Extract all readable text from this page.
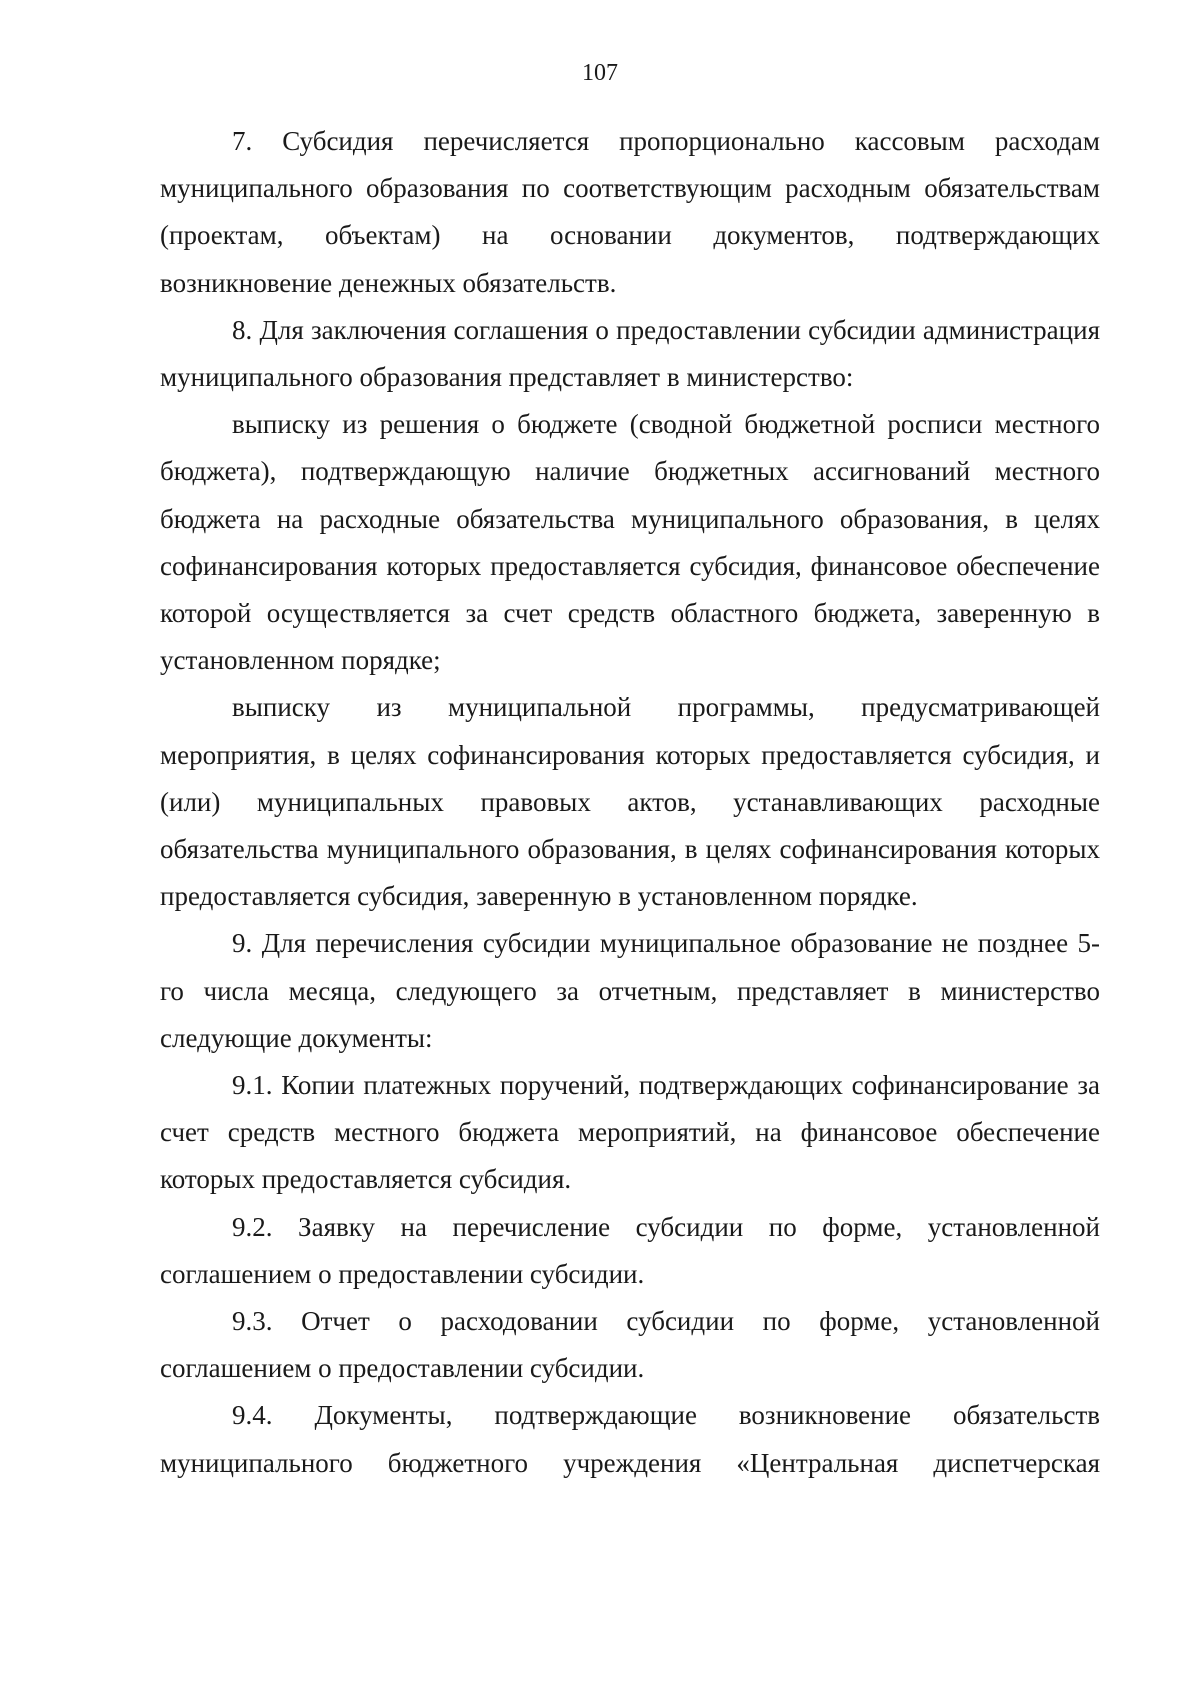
107

7. Субсидия перечисляется пропорционально кассовым расходам муниципального образования по соответствующим расходным обязательствам (проектам, объектам) на основании документов, подтверждающих возникновение денежных обязательств.

8. Для заключения соглашения о предоставлении субсидии администрация муниципального образования представляет в министерство:

выписку из решения о бюджете (сводной бюджетной росписи местного бюджета), подтверждающую наличие бюджетных ассигнований местного бюджета на расходные обязательства муниципального образования, в целях софинансирования которых предоставляется субсидия, финансовое обеспечение которой осуществляется за счет средств областного бюджета, заверенную в установленном порядке;

выписку из муниципальной программы, предусматривающей мероприятия, в целях софинансирования которых предоставляется субсидия, и (или) муниципальных правовых актов, устанавливающих расходные обязательства муниципального образования, в целях софинансирования которых предоставляется субсидия, заверенную в установленном порядке.

9. Для перечисления субсидии муниципальное образование не позднее 5-го числа месяца, следующего за отчетным, представляет в министерство следующие документы:

9.1. Копии платежных поручений, подтверждающих софинансирование за счет средств местного бюджета мероприятий, на финансовое обеспечение которых предоставляется субсидия.

9.2. Заявку на перечисление субсидии по форме, установленной соглашением о предоставлении субсидии.

9.3. Отчет о расходовании субсидии по форме, установленной соглашением о предоставлении субсидии.

9.4. Документы, подтверждающие возникновение обязательств муниципального бюджетного учреждения «Центральная диспетчерская
